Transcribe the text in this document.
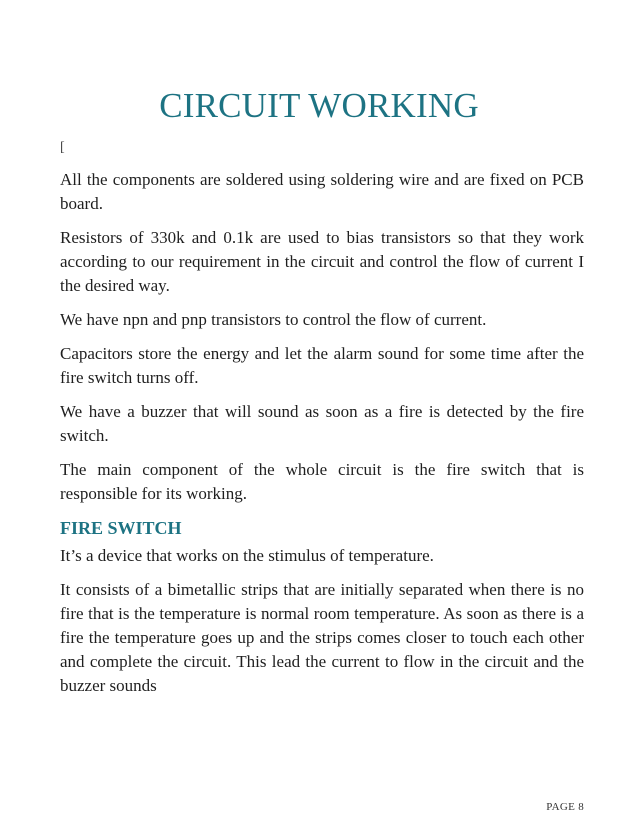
CIRCUIT WORKING
[

All the components are soldered using soldering wire and are fixed on PCB board.

Resistors of 330k and 0.1k are used to bias transistors so that they work according to our requirement in the circuit and control the flow of current I the desired way.

We have npn and pnp transistors to control the flow of current.

Capacitors store the energy and let the alarm sound for some time after the fire switch turns off.

We have a buzzer that will sound as soon as a fire is detected by the fire switch.

The main component of the whole circuit is the fire switch that is responsible for its working.

FIRE SWITCH

It’s a device that works on the stimulus of temperature.

It consists of a bimetallic strips that are initially separated when there is no fire that is the temperature is normal room temperature. As soon as there is a fire the temperature goes up and the strips comes closer to touch each other and complete the circuit. This lead the current to flow in the circuit and the buzzer sounds

PAGE 8
